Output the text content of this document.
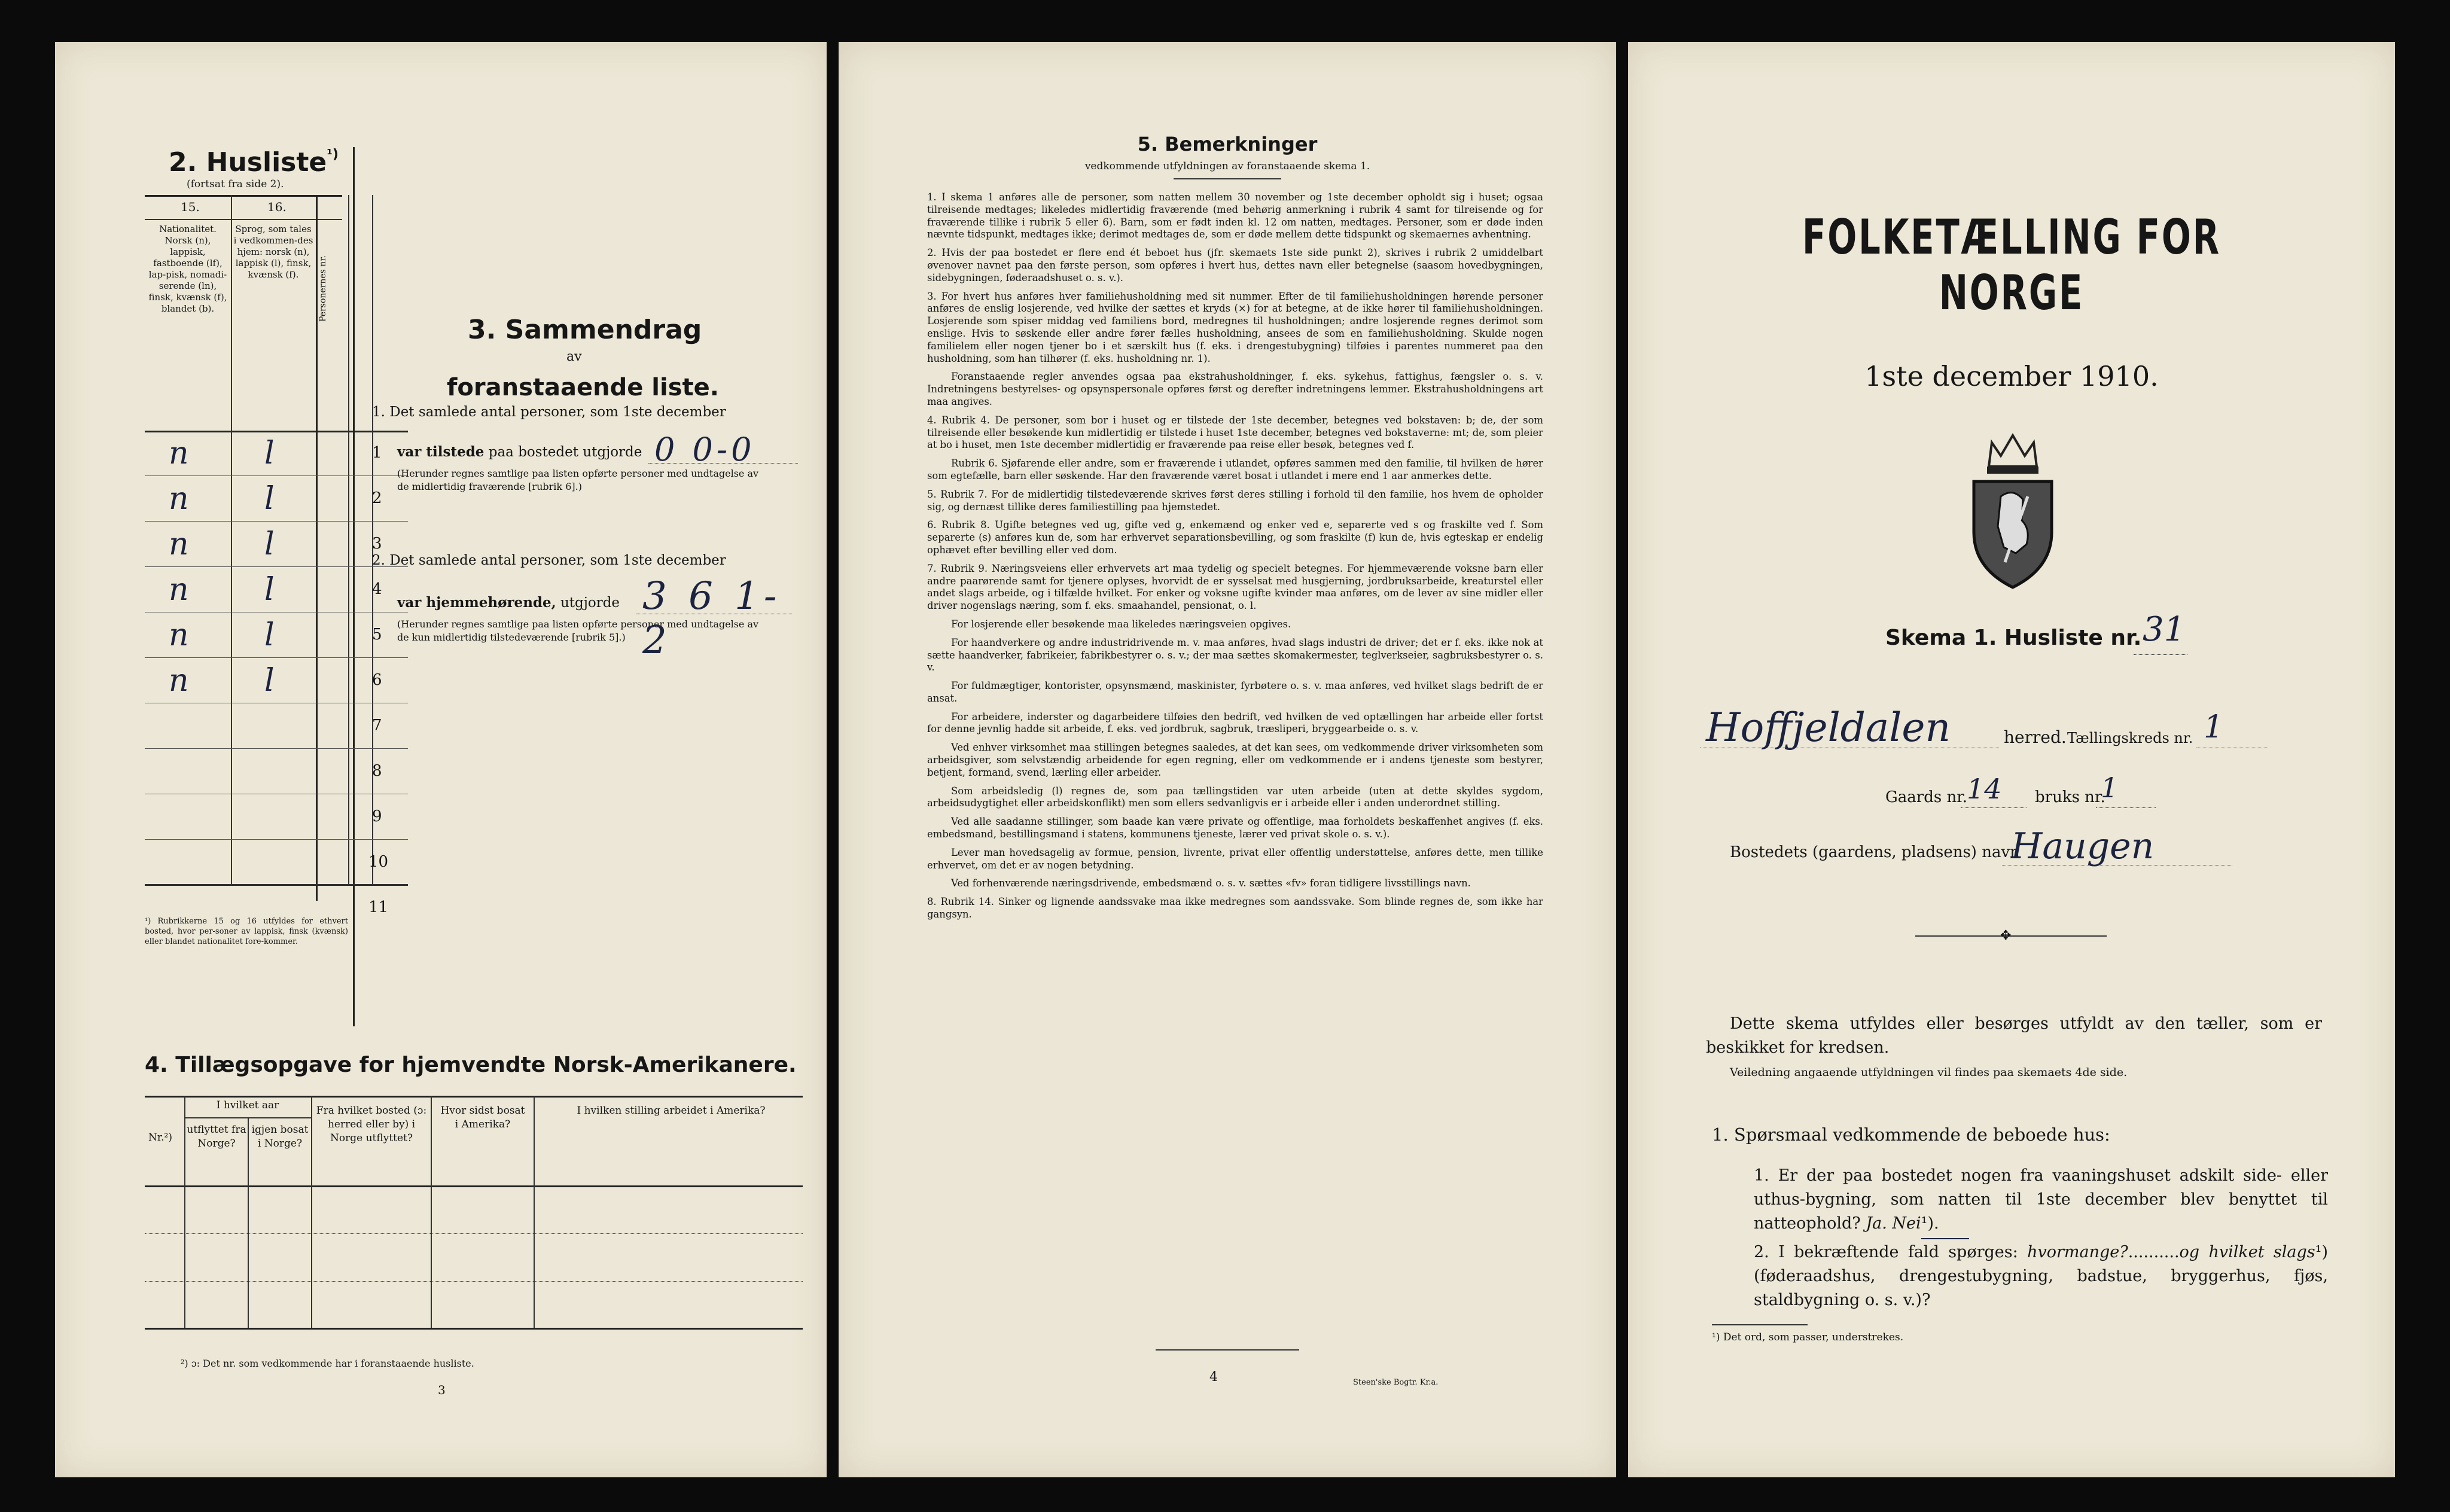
2. Husliste$^{^1)}$
(fortsat fra side 2).
15.	16.
Nationalitet. Norsk (n), lappisk, fastboende (lf), lap-pisk, nomadi-serende (ln), finsk, kvænsk (f), blandet (b).
Sprog, som tales i vedkommen-des hjem: norsk (n), lappisk (l), finsk, kvænsk (f).	Personernes nr.
n l	1
n l	2
n l	3
n l	4
n l	5
n l	6
7
8
9
10
11
¹) Rubrikkerne 15 og 16 utfyldes for ethvert bosted, hvor per-soner av lappisk, finsk (kvænsk) eller blandet nationalitet fore-kommer.
3. Sammendrag
av
foranstaaende liste.
1. Det samlede antal personer, som 1ste december
var tilstede paa bostedet utgjorde 0 0-0
(Herunder regnes samtlige paa listen opførte personer med undtagelse av de midlertidig fraværende [rubrik 6].)
2. Det samlede antal personer, som 1ste december
var hjemmehørende, utgjorde 3 6 1-2
(Herunder regnes samtlige paa listen opførte personer med undtagelse av de kun midlertidig tilstedeværende [rubrik 5].)
4. Tillægsopgave for hjemvendte Norsk-Amerikanere.
Nr.²)
I hvilket aar
utflyttet fra Norge?
igjen bosat i Norge?
Fra hvilket bosted (ɔ: herred eller by) i Norge utflyttet?
Hvor sidst bosat i Amerika?
I hvilken stilling arbeidet i Amerika?
²) ɔ: Det nr. som vedkommende har i foranstaaende husliste.
3
5. Bemerkninger
vedkommende utfyldningen av foranstaaende skema 1.

1. I skema 1 anføres alle de personer, som natten mellem 30 november og 1ste december opholdt sig i huset; ogsaa tilreisende medtages; likeledes midlertidig fraværende (med behørig anmerkning i rubrik 4 samt for tilreisende og for fraværende tillike i rubrik 5 eller 6). Barn, som er født inden kl. 12 om natten, medtages. Personer, som er døde inden nævnte tidspunkt, medtages ikke; derimot medtages de, som er døde mellem dette tidspunkt og skemaernes avhentning.

2. Hvis der paa bostedet er flere end ét beboet hus (jfr. skemaets 1ste side punkt 2), skrives i rubrik 2 umiddelbart øvenover navnet paa den første person, som opføres i hvert hus, dettes navn eller betegnelse (saasom hovedbygningen, sidebygningen, føderaadshuset o. s. v.).

3. For hvert hus anføres hver familiehusholdning med sit nummer. Efter de til familiehusholdningen hørende personer anføres de enslig losjerende, ved hvilke der sættes et kryds (×) for at betegne, at de ikke hører til familiehusholdningen. Losjerende som spiser middag ved familiens bord, medregnes til husholdningen; andre losjerende regnes derimot som enslige. Hvis to søskende eller andre fører fælles husholdning, ansees de som en familiehusholdning. Skulde nogen familielem eller nogen tjener bo i et særskilt hus (f. eks. i drengestubygning) tilføies i parentes nummeret paa den husholdning, som han tilhører (f. eks. husholdning nr. 1).

Foranstaaende regler anvendes ogsaa paa ekstrahusholdninger, f. eks. sykehus, fattighus, fængsler o. s. v. Indretningens bestyrelses- og opsynspersonale opføres først og derefter indretningens lemmer. Ekstrahusholdningens art maa angives.

4. Rubrik 4. De personer, som bor i huset og er tilstede der 1ste december, betegnes ved bokstaven: b; de, der som tilreisende eller besøkende kun midlertidig er tilstede i huset 1ste december, betegnes ved bokstaverne: mt; de, som pleier at bo i huset, men 1ste december midlertidig er fraværende paa reise eller besøk, betegnes ved f.

Rubrik 6. Sjøfarende eller andre, som er fraværende i utlandet, opføres sammen med den familie, til hvilken de hører som egtefælle, barn eller søskende. Har den fraværende været bosat i utlandet i mere end 1 aar anmerkes dette.

5. Rubrik 7. For de midlertidig tilstedeværende skrives først deres stilling i forhold til den familie, hos hvem de opholder sig, og dernæst tillike deres familiestilling paa hjemstedet.

6. Rubrik 8. Ugifte betegnes ved ug, gifte ved g, enkemænd og enker ved e, separerte ved s og fraskilte ved f. Som separerte (s) anføres kun de, som har erhvervet separationsbevilling, og som fraskilte (f) kun de, hvis egteskap er endelig ophævet efter bevilling eller ved dom.

7. Rubrik 9. Næringsveiens eller erhvervets art maa tydelig og specielt betegnes. For hjemmeværende voksne barn eller andre paarørende samt for tjenere oplyses, hvorvidt de er sysselsat med husgjerning, jordbruksarbeide, kreaturstel eller andet slags arbeide, og i tilfælde hvilket. For enker og voksne ugifte kvinder maa anføres, om de lever av sine midler eller driver nogenslags næring, som f. eks. smaahandel, pensionat, o. l.

For losjerende eller besøkende maa likeledes næringsveien opgives.

For haandverkere og andre industridrivende m. v. maa anføres, hvad slags industri de driver; det er f. eks. ikke nok at sætte haandverker, fabrikeier, fabrikbestyrer o. s. v.; der maa sættes skomakermester, teglverkseier, sagbruksbestyrer o. s. v.

For fuldmægtiger, kontorister, opsynsmænd, maskinister, fyrbøtere o. s. v. maa anføres, ved hvilket slags bedrift de er ansat.

For arbeidere, inderster og dagarbeidere tilføies den bedrift, ved hvilken de ved optællingen har arbeide eller fortst for denne jevnlig hadde sit arbeide, f. eks. ved jordbruk, sagbruk, træsliperi, bryggearbeide o. s. v.

Ved enhver virksomhet maa stillingen betegnes saaledes, at det kan sees, om vedkommende driver virksomheten som arbeidsgiver, som selvstændig arbeidende for egen regning, eller om vedkommende er i andens tjeneste som bestyrer, betjent, formand, svend, lærling eller arbeider.

Som arbeidsledig (l) regnes de, som paa tællingstiden var uten arbeide (uten at dette skyldes sygdom, arbeidsudygtighet eller arbeidskonflikt) men som ellers sedvanligvis er i arbeide eller i anden underordnet stilling.

Ved alle saadanne stillinger, som baade kan være private og offentlige, maa forholdets beskaffenhet angives (f. eks. embedsmand, bestillingsmand i statens, kommunens tjeneste, lærer ved privat skole o. s. v.).

Lever man hovedsagelig av formue, pension, livrente, privat eller offentlig understøttelse, anføres dette, men tillike erhvervet, om det er av nogen betydning.

Ved forhenværende næringsdrivende, embedsmænd o. s. v. sættes «fv» foran tidligere livsstillings navn.

8. Rubrik 14. Sinker og lignende aandssvake maa ikke medregnes som aandssvake. Som blinde regnes de, som ikke har gangsyn.

4	Steen'ske Bogtr. Kr.a.
FOLKETÆLLING FOR NORGE
1ste december 1910.
Skema 1. Husliste nr. 31
Hoffjeldalen	herred. Tællingskreds nr. 1
Gaards nr.
14 bruks nr.
1
Bostedets (gaardens, pladsens) navn
Haugen
✥
Dette skema utfyldes eller besørges utfyldt av den tæller, som er beskikket for kredsen.
Veiledning angaaende utfyldningen vil findes paa skemaets 4de side.
1. Spørsmaal vedkommende de beboede hus:
1. Er der paa bostedet nogen fra vaaningshuset adskilt side- eller uthus-bygning, som natten til 1ste december blev benyttet til natteophold? Ja. Nei¹).
2. I bekræftende fald spørges: hvormange?..........og hvilket slags¹) (føderaadshus, drengestubygning, badstue, bryggerhus, fjøs, staldbygning o. s. v.)?
¹) Det ord, som passer, understrekes.
